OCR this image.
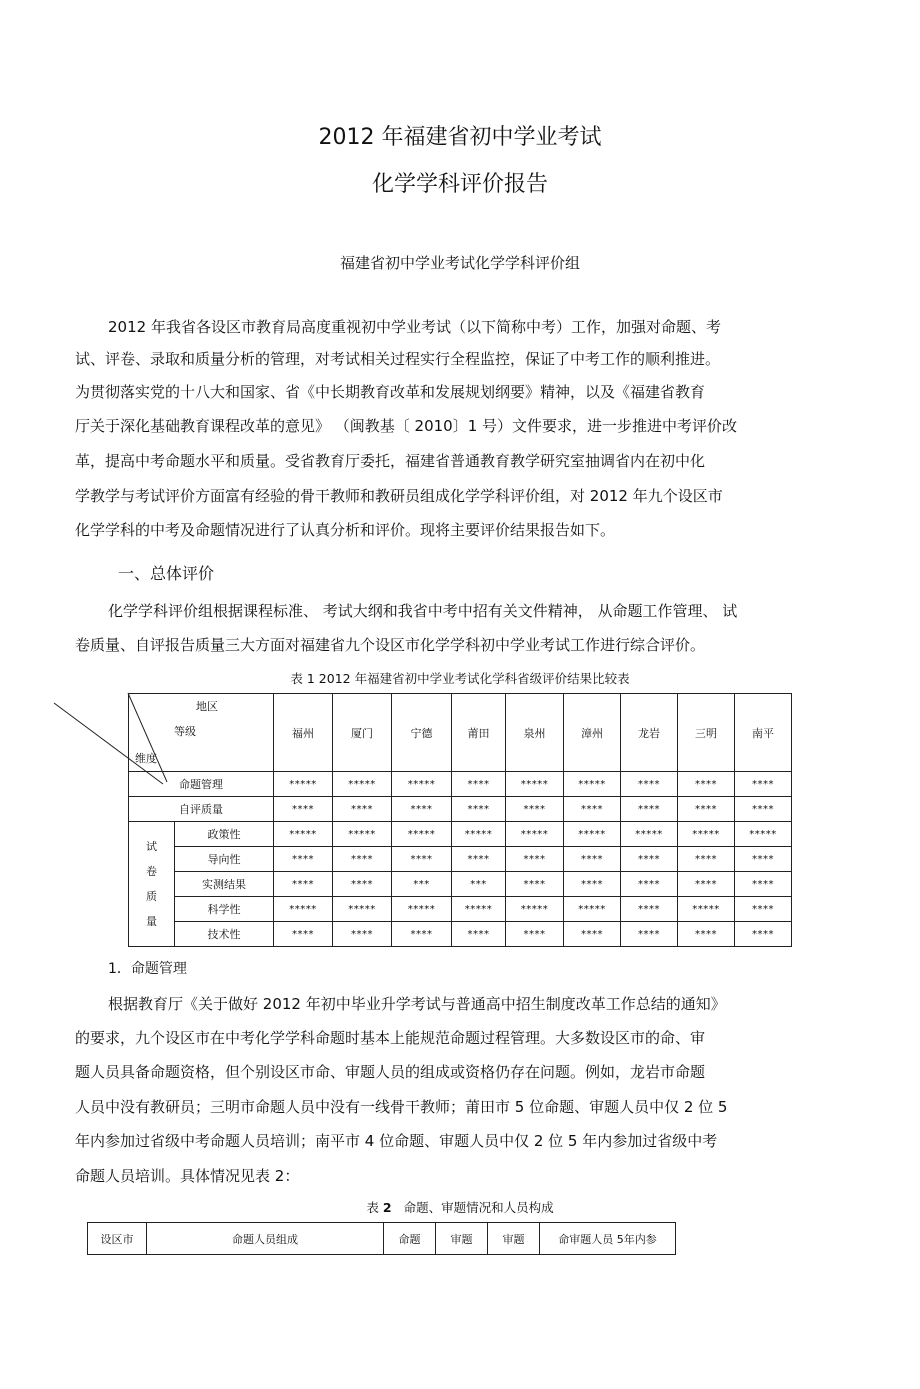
2012 年福建省初中学业考试
化学学科评价报告
福建省初中学业考试化学学科评价组
2012 年我省各设区市教育局高度重视初中学业考试（以下简称中考）工作，加强对命题、考
试、评卷、录取和质量分析的管理，对考试相关过程实行全程监控，保证了中考工作的顺利推进。
为贯彻落实党的十八大和国家、省《中长期教育改革和发展规划纲要》精神，以及《福建省教育
厅关于深化基础教育课程改革的意见》 （闽教基〔 2010〕1 号）文件要求，进一步推进中考评价改
革，提高中考命题水平和质量。受省教育厅委托，福建省普通教育教学研究室抽调省内在初中化
学教学与考试评价方面富有经验的骨干教师和教研员组成化学学科评价组，对 2012 年九个设区市
化学学科的中考及命题情况进行了认真分析和评价。现将主要评价结果报告如下。
一、总体评价
化学学科评价组根据课程标准、 考试大纲和我省中考中招有关文件精神， 从命题工作管理、 试
卷质量、自评报告质量三大方面对福建省九个设区市化学学科初中学业考试工作进行综合评价。
表 1 2012 年福建省初中学业考试化学科省级评价结果比较表
地区
等级
维度		福州	厦门	宁德	莆田	泉州	漳州	龙岩	三明	南平
命题管理		*****	*****	*****	****	*****	*****	****	****	****
自评质量		****	****	****	****	****	****	****	****	****

试
卷
质
量	政策性	*****	*****	*****	*****	*****	*****	*****	*****	*****
	导向性	****	****	****	****	****	****	****	****	****
	实测结果	****	****	***	***	****	****	****	****	****
	科学性	*****	*****	*****	*****	*****	*****	****	*****	****
	技术性	****	****	****	****	****	****	****	****	****
1．命题管理
根据教育厅《关于做好 2012 年初中毕业升学考试与普通高中招生制度改革工作总结的通知》
的要求，九个设区市在中考化学学科命题时基本上能规范命题过程管理。大多数设区市的命、审
题人员具备命题资格，但个别设区市命、审题人员的组成或资格仍存在问题。例如，龙岩市命题
人员中没有教研员；三明市命题人员中没有一线骨干教师；莆田市 5 位命题、审题人员中仅 2 位 5
年内参加过省级中考命题人员培训；南平市 4 位命题、审题人员中仅 2 位 5 年内参加过省级中考
命题人员培训。具体情况见表 2：
表 2 命题、审题情况和人员构成
设区市	命题人员组成	命题	审题	审题	命审题人员 5年内参
